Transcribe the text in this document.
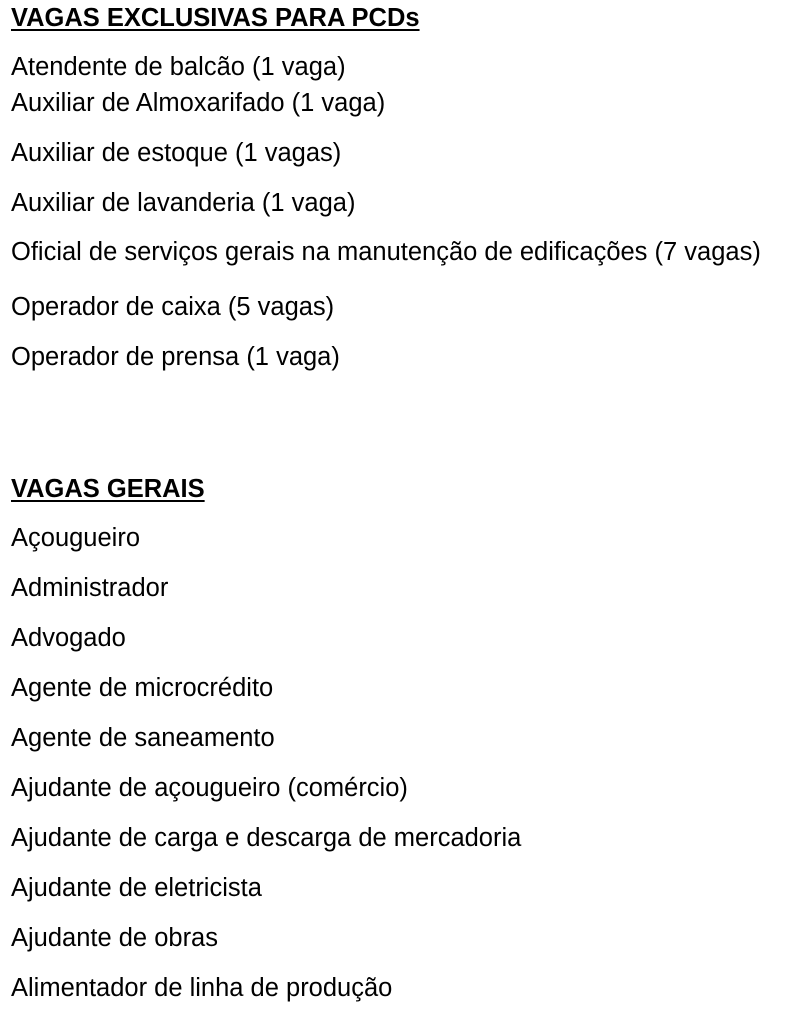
VAGAS EXCLUSIVAS PARA PCDs
Atendente de balcão (1 vaga)
Auxiliar de Almoxarifado (1 vaga)
Auxiliar de estoque (1 vagas)
Auxiliar de lavanderia (1 vaga)
Oficial de serviços gerais na manutenção de edificações (7 vagas)
Operador de caixa (5 vagas)
Operador de prensa (1 vaga)
VAGAS GERAIS
Açougueiro
Administrador
Advogado
Agente de microcrédito
Agente de saneamento
Ajudante de açougueiro (comércio)
Ajudante de carga e descarga de mercadoria
Ajudante de eletricista
Ajudante de obras
Alimentador de linha de produção
